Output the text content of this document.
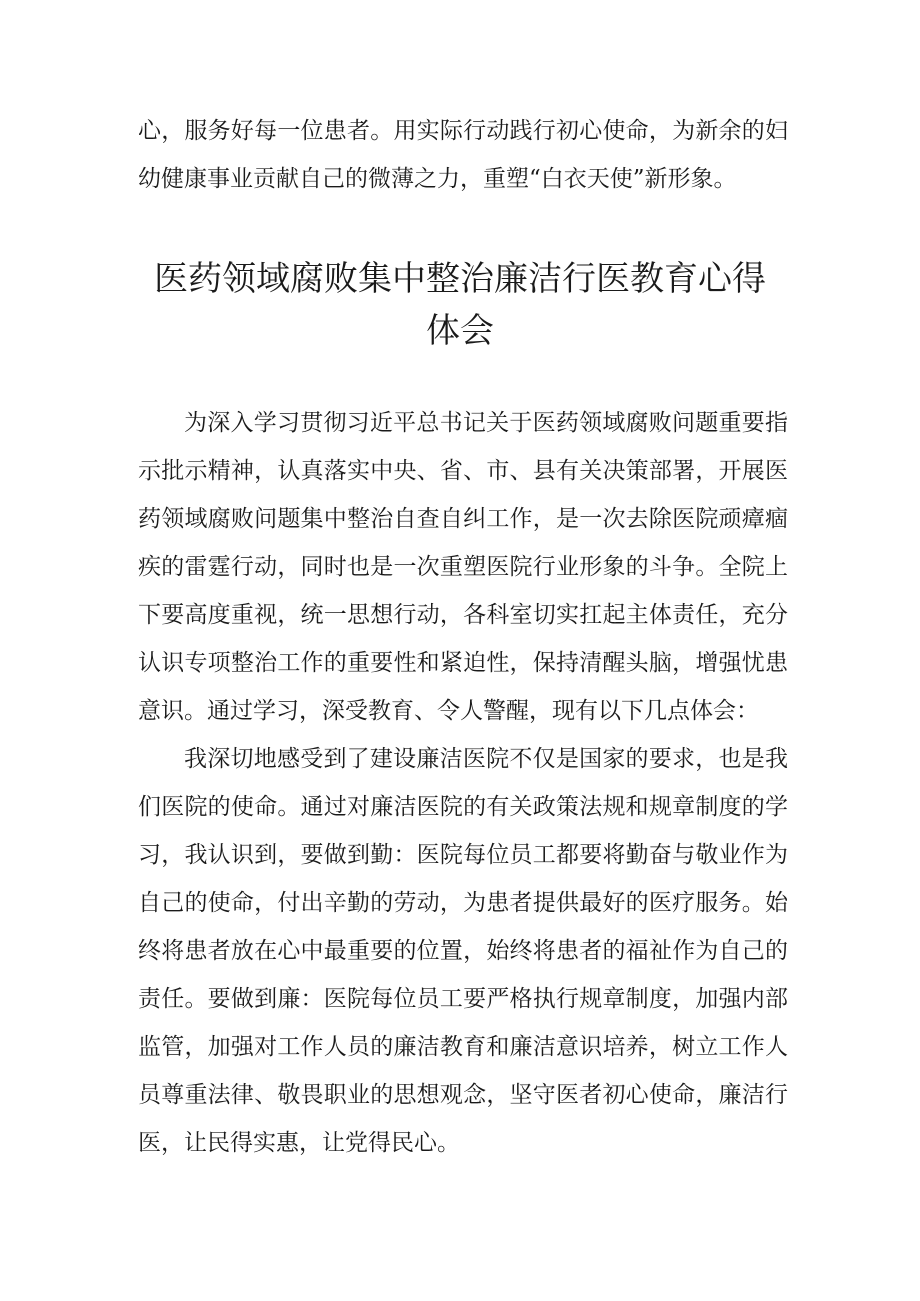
心，服务好每一位患者。用实际行动践行初心使命，为新余的妇
幼健康事业贡献自己的微薄之力，重塑“白衣天使”新形象。
医药领域腐败集中整治廉洁行医教育心得
体会
为深入学习贯彻习近平总书记关于医药领域腐败问题重要指
示批示精神，认真落实中央、省、市、县有关决策部署，开展医
药领域腐败问题集中整治自查自纠工作，是一次去除医院顽瘴痼
疾的雷霆行动，同时也是一次重塑医院行业形象的斗争。全院上
下要高度重视，统一思想行动，各科室切实扛起主体责任，充分
认识专项整治工作的重要性和紧迫性，保持清醒头脑，增强忧患
意识。通过学习，深受教育、令人警醒，现有以下几点体会：
我深切地感受到了建设廉洁医院不仅是国家的要求，也是我
们医院的使命。通过对廉洁医院的有关政策法规和规章制度的学
习，我认识到，要做到勤：医院每位员工都要将勤奋与敬业作为
自己的使命，付出辛勤的劳动，为患者提供最好的医疗服务。始
终将患者放在心中最重要的位置，始终将患者的福祉作为自己的
责任。要做到廉：医院每位员工要严格执行规章制度，加强内部
监管，加强对工作人员的廉洁教育和廉洁意识培养，树立工作人
员尊重法律、敬畏职业的思想观念，坚守医者初心使命，廉洁行
医，让民得实惠，让党得民心。
